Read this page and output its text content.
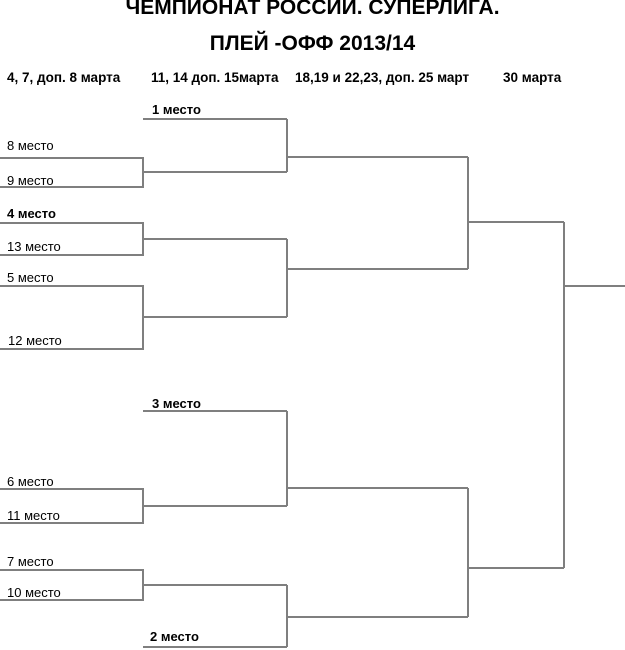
ЧЕМПИОНАТ РОССИИ. СУПЕРЛИГА.
ПЛЕЙ -ОФФ 2013/14
4, 7, доп. 8 марта 11, 14 доп. 15марта 18,19 и 22,23, доп. 25 март	30 марта
1 место
8 место
9 место
4 место
13 место
5 место
12 место
3 место
6 место
11 место
7 место
10 место
2 место
